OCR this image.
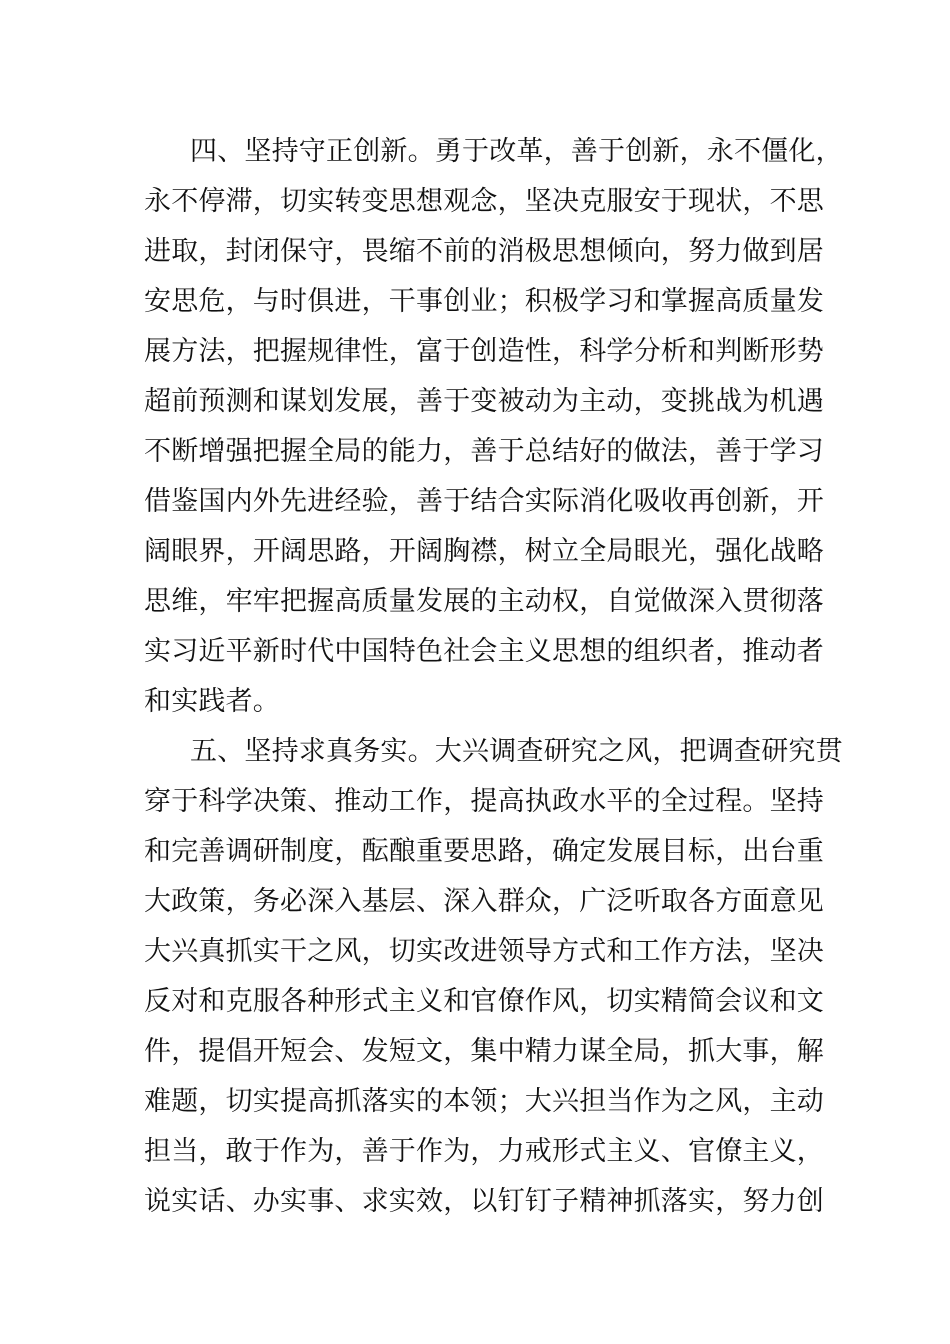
四、坚持守正创新。勇于改革，善于创新，永不僵化，
永不停滞，切实转变思想观念，坚决克服安于现状，不思
进取，封闭保守，畏缩不前的消极思想倾向，努力做到居
安思危，与时俱进，干事创业；积极学习和掌握高质量发
展方法，把握规律性，富于创造性，科学分析和判断形势
超前预测和谋划发展，善于变被动为主动，变挑战为机遇
不断增强把握全局的能力，善于总结好的做法，善于学习
借鉴国内外先进经验，善于结合实际消化吸收再创新，开
阔眼界，开阔思路，开阔胸襟，树立全局眼光，强化战略
思维，牢牢把握高质量发展的主动权，自觉做深入贯彻落
实习近平新时代中国特色社会主义思想的组织者，推动者
和实践者。
五、坚持求真务实。大兴调查研究之风，把调查研究贯
穿于科学决策、推动工作，提高执政水平的全过程。坚持
和完善调研制度，酝酿重要思路，确定发展目标，出台重
大政策，务必深入基层、深入群众，广泛听取各方面意见
大兴真抓实干之风，切实改进领导方式和工作方法，坚决
反对和克服各种形式主义和官僚作风，切实精简会议和文
件，提倡开短会、发短文，集中精力谋全局，抓大事，解
难题，切实提高抓落实的本领；大兴担当作为之风，主动
担当，敢于作为，善于作为，力戒形式主义、官僚主义，
说实话、办实事、求实效，以钉钉子精神抓落实，努力创
